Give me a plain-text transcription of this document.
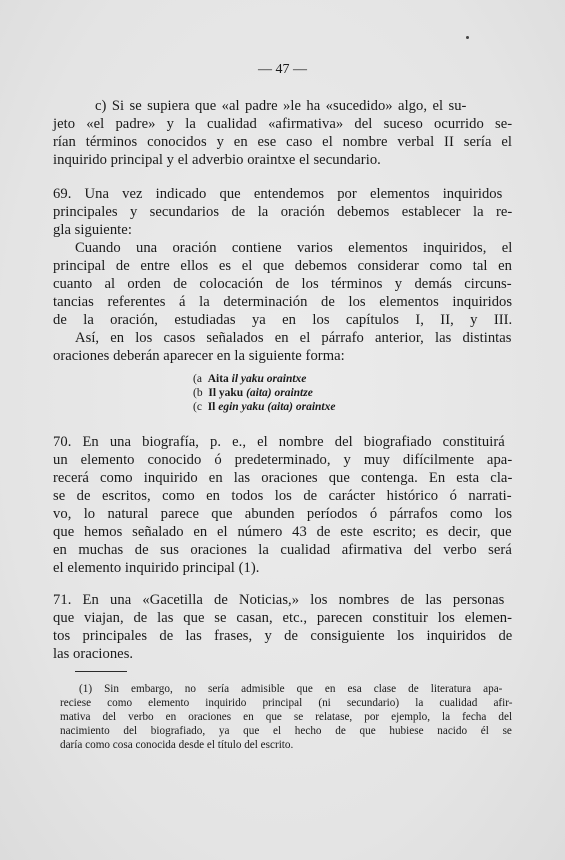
— 47 —
c) Si se supiera que «al padre »le ha «sucedido» algo, el su-
jeto «el padre» y la cualidad «afirmativa» del suceso ocurrido se-
rían términos conocidos y en ese caso el nombre verbal II sería el
inquirido principal y el adverbio oraintxe el secundario.
69. Una vez indicado que entendemos por elementos inquiridos
principales y secundarios de la oración debemos establecer la re-
gla siguiente:
Cuando una oración contiene varios elementos inquiridos, el
principal de entre ellos es el que debemos considerar como tal en
cuanto al orden de colocación de los términos y demás circuns-
tancias referentes á la determinación de los elementos inquiridos
de la oración, estudiadas ya en los capítulos I, II, y III.
Así, en los casos señalados en el párrafo anterior, las distintas
oraciones deberán aparecer en la siguiente forma:
(a Aita il yaku oraintxe
(b Il yaku (aita) oraintze
(c Il egin yaku (aita) oraintxe
70. En una biografía, p. e., el nombre del biografiado constituirá
un elemento conocido ó predeterminado, y muy difícilmente apa-
recerá como inquirido en las oraciones que contenga. En esta cla-
se de escritos, como en todos los de carácter histórico ó narrati-
vo, lo natural parece que abunden períodos ó párrafos como los
que hemos señalado en el número 43 de este escrito; es decir, que
en muchas de sus oraciones la cualidad afirmativa del verbo será
el elemento inquirido principal (1).
71. En una «Gacetilla de Noticias,» los nombres de las personas
que viajan, de las que se casan, etc., parecen constituir los elemen-
tos principales de las frases, y de consiguiente los inquiridos de
las oraciones.
(1) Sin embargo, no sería admisible que en esa clase de literatura apa-
reciese como elemento inquirido principal (ni secundario) la cualidad afir-
mativa del verbo en oraciones en que se relatase, por ejemplo, la fecha del
nacimiento del biografiado, ya que el hecho de que hubiese nacido él se
daría como cosa conocida desde el título del escrito.
